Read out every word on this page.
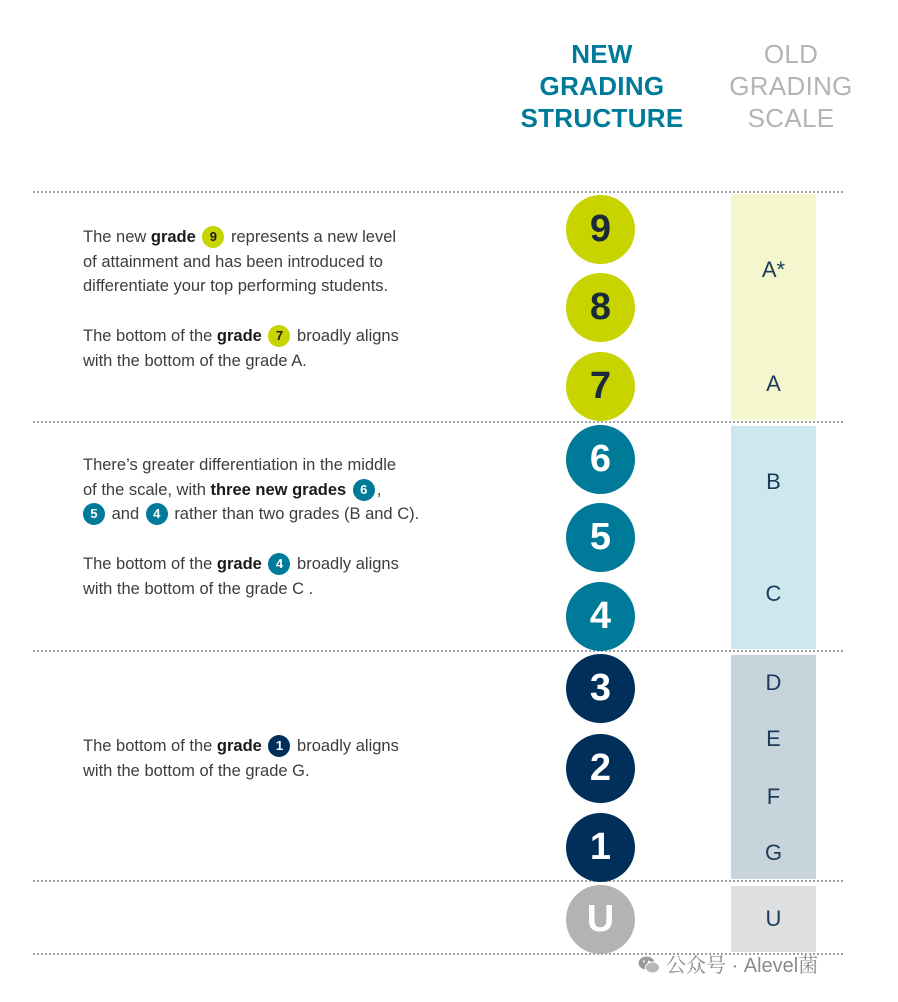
NEW
GRADING
STRUCTURE
OLD
GRADING
SCALE
A*
A
B
C
D
E
F
G
U
9
8
7
6
5
4
3
2
1
U
The new grade 9 represents a new level
of attainment and has been introduced to
differentiate your top performing students.
The bottom of the grade 7 broadly aligns
with the bottom of the grade A.
There’s greater differentiation in the middle
of the scale, with three new grades 6 ,
5 and 4 rather than two grades (B and C).
The bottom of the grade 4 broadly aligns
with the bottom of the grade C .
The bottom of the grade 1 broadly aligns
with the bottom of the grade G.
公众号 · Alevel菌
